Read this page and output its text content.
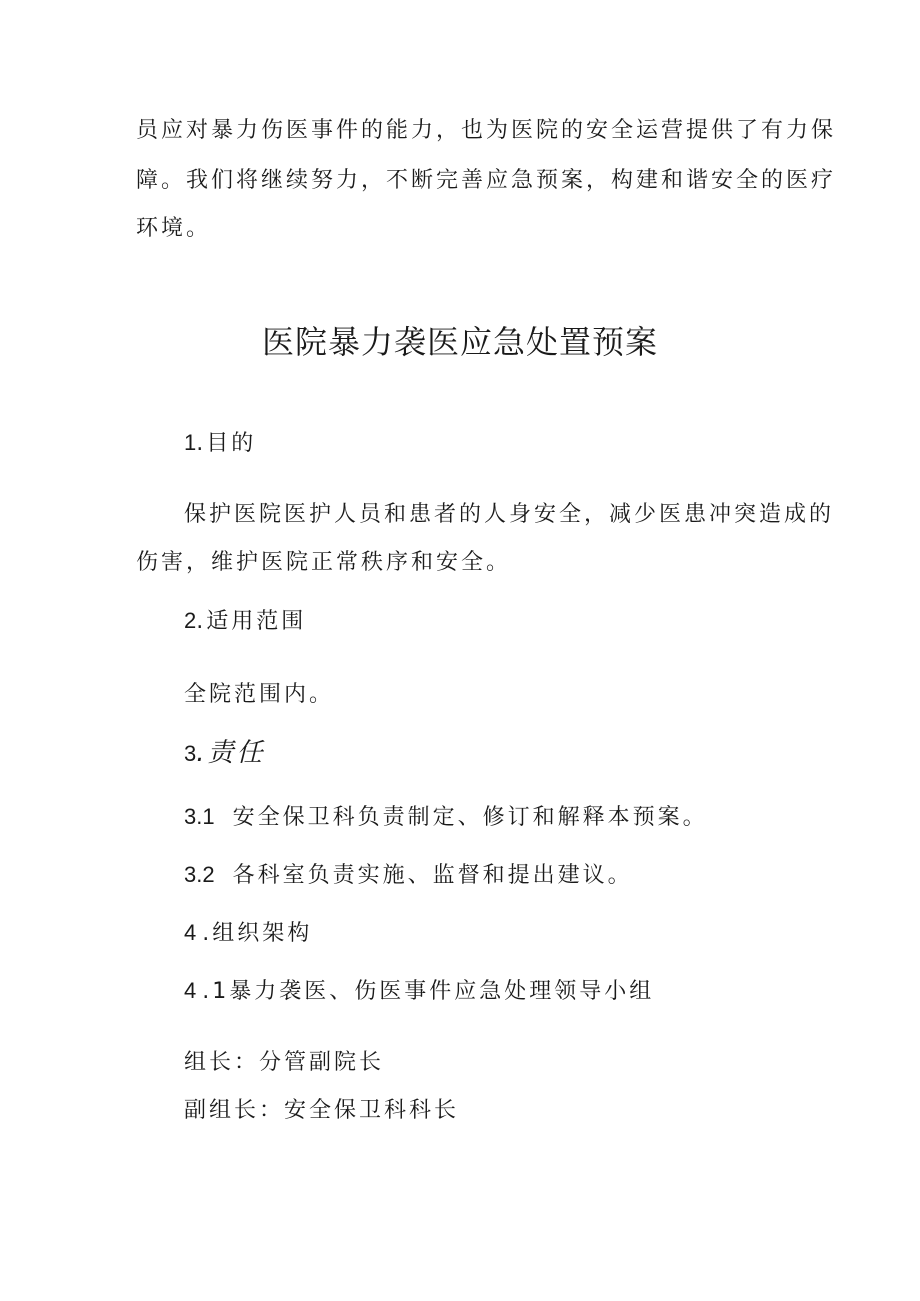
员应对暴力伤医事件的能力，也为医院的安全运营提供了有力保
障。我们将继续努力，不断完善应急预案，构建和谐安全的医疗
环境。
医院暴力袭医应急处置预案
1.目的
保护医院医护人员和患者的人身安全，减少医患冲突造成的
伤害，维护医院正常秩序和安全。
2.适用范围
全院范围内。
3.责任
3.1 安全保卫科负责制定、修订和解释本预案。
3.2 各科室负责实施、监督和提出建议。
4 .组织架构
4 .1暴力袭医、伤医事件应急处理领导小组
组长：分管副院长
副组长：安全保卫科科长
